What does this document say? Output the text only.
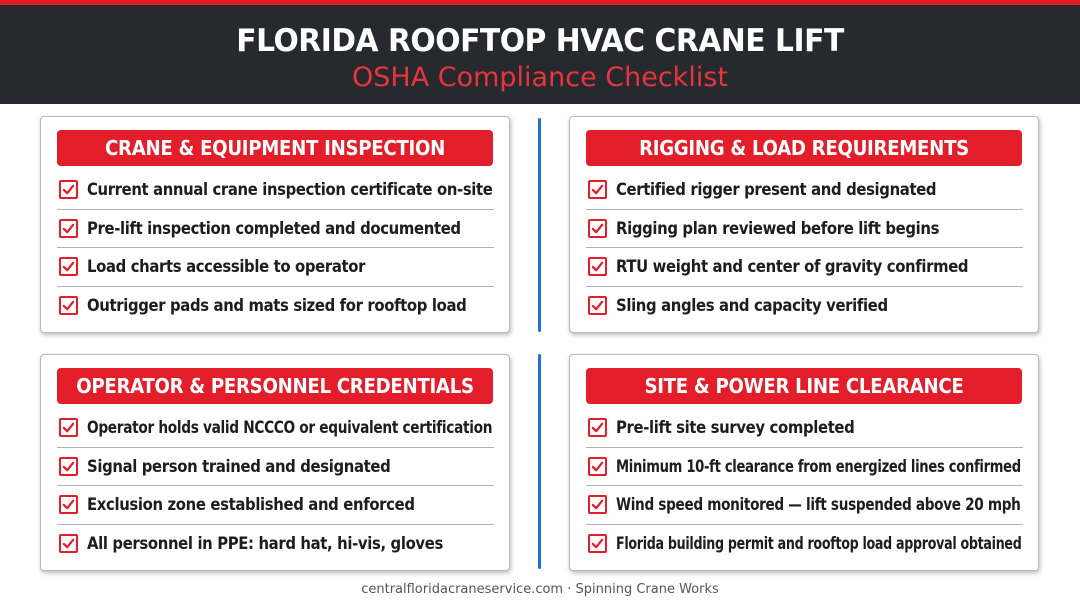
FLORIDA ROOFTOP HVAC CRANE LIFT
OSHA Compliance Checklist
CRANE & EQUIPMENT INSPECTION
Current annual crane inspection certificate on-site
Pre-lift inspection completed and documented
Load charts accessible to operator
Outrigger pads and mats sized for rooftop load
RIGGING & LOAD REQUIREMENTS
Certified rigger present and designated
Rigging plan reviewed before lift begins
RTU weight and center of gravity confirmed
Sling angles and capacity verified
OPERATOR & PERSONNEL CREDENTIALS
Operator holds valid NCCCO or equivalent certification
Signal person trained and designated
Exclusion zone established and enforced
All personnel in PPE: hard hat, hi-vis, gloves
SITE & POWER LINE CLEARANCE
Pre-lift site survey completed
Minimum 10-ft clearance from energized lines confirmed
Wind speed monitored — lift suspended above 20 mph
Florida building permit and rooftop load approval obtained
centralfloridacraneservice.com · Spinning Crane Works
